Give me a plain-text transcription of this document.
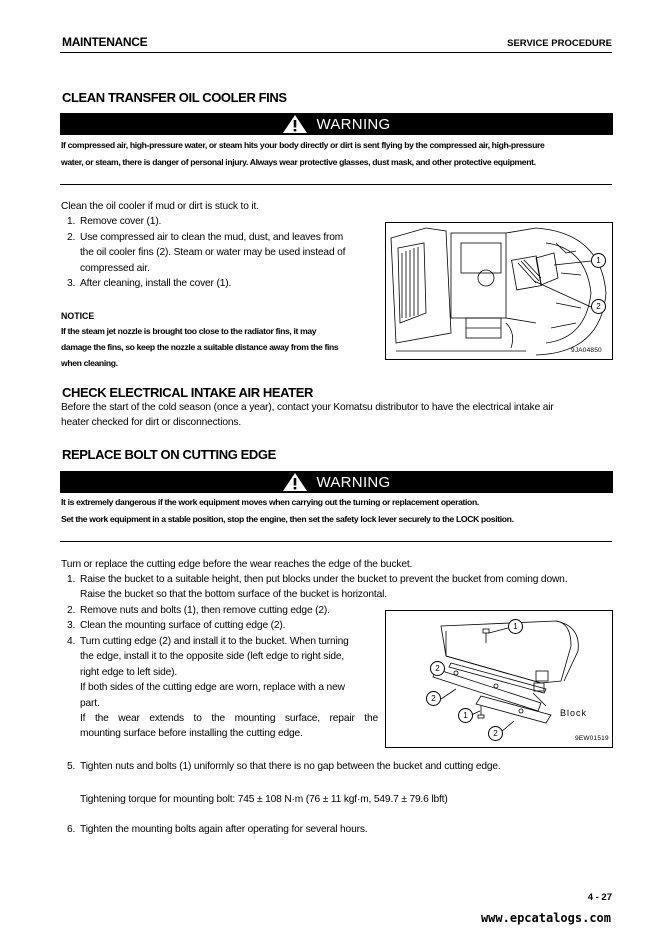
MAINTENANCE	SERVICE PROCEDURE
CLEAN TRANSFER OIL COOLER FINS
WARNING
If compressed air, high-pressure water, or steam hits your body directly or dirt is sent flying by the compressed air, high-pressure
water, or steam, there is danger of personal injury. Always wear protective glasses, dust mask, and other protective equipment.
Clean the oil cooler if mud or dirt is stuck to it.
1. Remove cover (1).
2. Use compressed air to clean the mud, dust, and leaves from
the oil cooler fins (2). Steam or water may be used instead of
compressed air.
3. After cleaning, install the cover (1).
NOTICE
If the steam jet nozzle is brought too close to the radiator fins, it may
damage the fins, so keep the nozzle a suitable distance away from the fins
when cleaning.
1
2
9JA04850
CHECK ELECTRICAL INTAKE AIR HEATER
Before the start of the cold season (once a year), contact your Komatsu distributor to have the electrical intake air
heater checked for dirt or disconnections.
REPLACE BOLT ON CUTTING EDGE
WARNING
It is extremely dangerous if the work equipment moves when carrying out the turning or replacement operation.
Set the work equipment in a stable position, stop the engine, then set the safety lock lever securely to the LOCK position.
Turn or replace the cutting edge before the wear reaches the edge of the bucket.
1. Raise the bucket to a suitable height, then put blocks under the bucket to prevent the bucket from coming down.
Raise the bucket so that the bottom surface of the bucket is horizontal.
2. Remove nuts and bolts (1), then remove cutting edge (2).
3. Clean the mounting surface of cutting edge (2).
4. Turn cutting edge (2) and install it to the bucket. When turning
the edge, install it to the opposite side (left edge to right side,
right edge to left side).
If both sides of the cutting edge are worn, replace with a new
part.
If the wear extends to the mounting surface, repair the
mounting surface before installing the cutting edge.
1
2
2
1
2
Block
9EW01519
5. Tighten nuts and bolts (1) uniformly so that there is no gap between the bucket and cutting edge.
Tightening torque for mounting bolt: 745 ± 108 N·m (76 ± 11 kgf·m, 549.7 ± 79.6 lbft)
6. Tighten the mounting bolts again after operating for several hours.
4 - 27
www.epcatalogs.com
